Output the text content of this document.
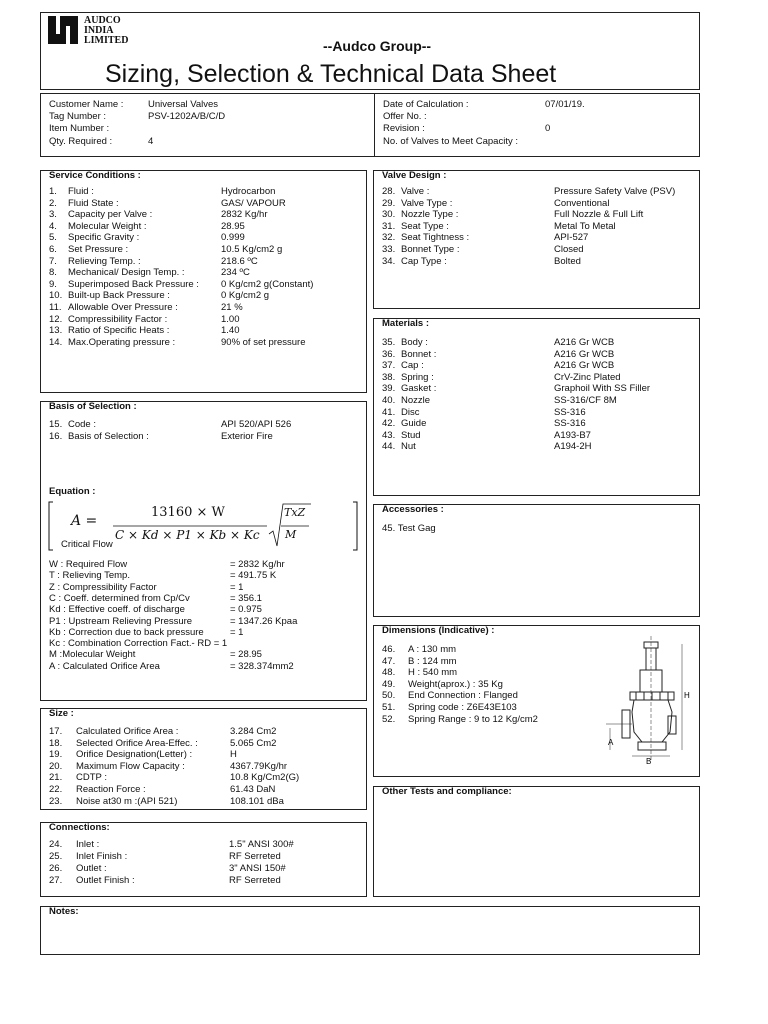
AUDCO
INDIA
LIMITED	--Audco Group--
Sizing, Selection & Technical Data Sheet
Customer Name :	Universal Valves
Tag Number :	PSV-1202A/B/C/D
Item Number :
Qty. Required :	4
Date of Calculation :	07/01/19.
Offer No. :
Revision :	0
No. of Valves to Meet Capacity :
Service Conditions :
1. Fluid :	Hydrocarbon
2. Fluid State :	GAS/ VAPOUR
3. Capacity per Valve :	2832 Kg/hr
4. Molecular Weight :	28.95
5. Specific Gravity :	0.999
6. Set Pressure :	10.5 Kg/cm2 g
7. Relieving Temp. :	218.6 ºC
8. Mechanical/ Design Temp. :	234 ºC
9. Superimposed Back Pressure : 0 Kg/cm2 g(Constant)
10. Built-up Back Pressure :	0 Kg/cm2 g
11. Allowable Over Pressure :	21 %
12. Compressibility Factor :	1.00
13. Ratio of Specific Heats :	1.40
14. Max.Operating pressure :	90% of set pressure
Valve Design :
28. Valve :	Pressure Safety Valve (PSV)
29. Valve Type :	Conventional
30. Nozzle Type :	Full Nozzle & Full Lift
31. Seat Type :	Metal To Metal
32. Seat Tightness :	API-527
33. Bonnet Type :	Closed
34. Cap Type :	Bolted
Materials :
35. Body :	A216 Gr WCB
36. Bonnet :	A216 Gr WCB
37. Cap :	A216 Gr WCB
38. Spring :	CrV-Zinc Plated
39. Gasket :	Graphoil With SS Filler
40. Nozzle	SS-316/CF 8M
41. Disc	SS-316
42. Guide	SS-316
43. Stud	A193-B7
44. Nut	A194-2H
Basis of Selection :
15. Code :	API 520/API 526
16. Basis of Selection :	Exterior Fire
Equation :
A =
13160 × W
C × Kd × P1 × Kb × Kc
TxZ
M
Critical Flow
W : Required Flow	= 2832 Kg/hr
T : Relieving Temp.	= 491.75 K
Z : Compressibility Factor	= 1
C : Coeff. determined from Cp/Cv	= 356.1
Kd : Effective coeff. of discharge	= 0.975
P1 : Upstream Relieving Pressure	= 1347.26 Kpaa
Kb : Correction due to back pressure	= 1
Kc : Combination Correction Fact.- RD = 1
M :Molecular Weight	= 28.95
A : Calculated Orifice Area	= 328.374mm2
Accessories :
45. Test Gag
Dimensions (Indicative) :
46. A : 130 mm
47. B : 124 mm
48. H : 540 mm
49. Weight(aprox.) : 35 Kg
50. End Connection : Flanged
51. Spring code : Z6E43E103
52. Spring Range : 9 to 12 Kg/cm2
A
B
H
Size :
17. Calculated Orifice Area :	3.284 Cm2
18. Selected Orifice Area-Effec. :	5.065 Cm2
19. Orifice Designation(Letter) :	H
20. Maximum Flow Capacity :	4367.79Kg/hr
21. CDTP :	10.8 Kg/Cm2(G)
22. Reaction Force :	61.43 DaN
23. Noise at30 m :(API 521)	108.101 dBa
Other Tests and compliance:
Connections:
24. Inlet :	1.5" ANSI 300#
25. Inlet Finish :	RF Serreted
26. Outlet :	3" ANSI 150#
27. Outlet Finish :	RF Serreted
Notes:
